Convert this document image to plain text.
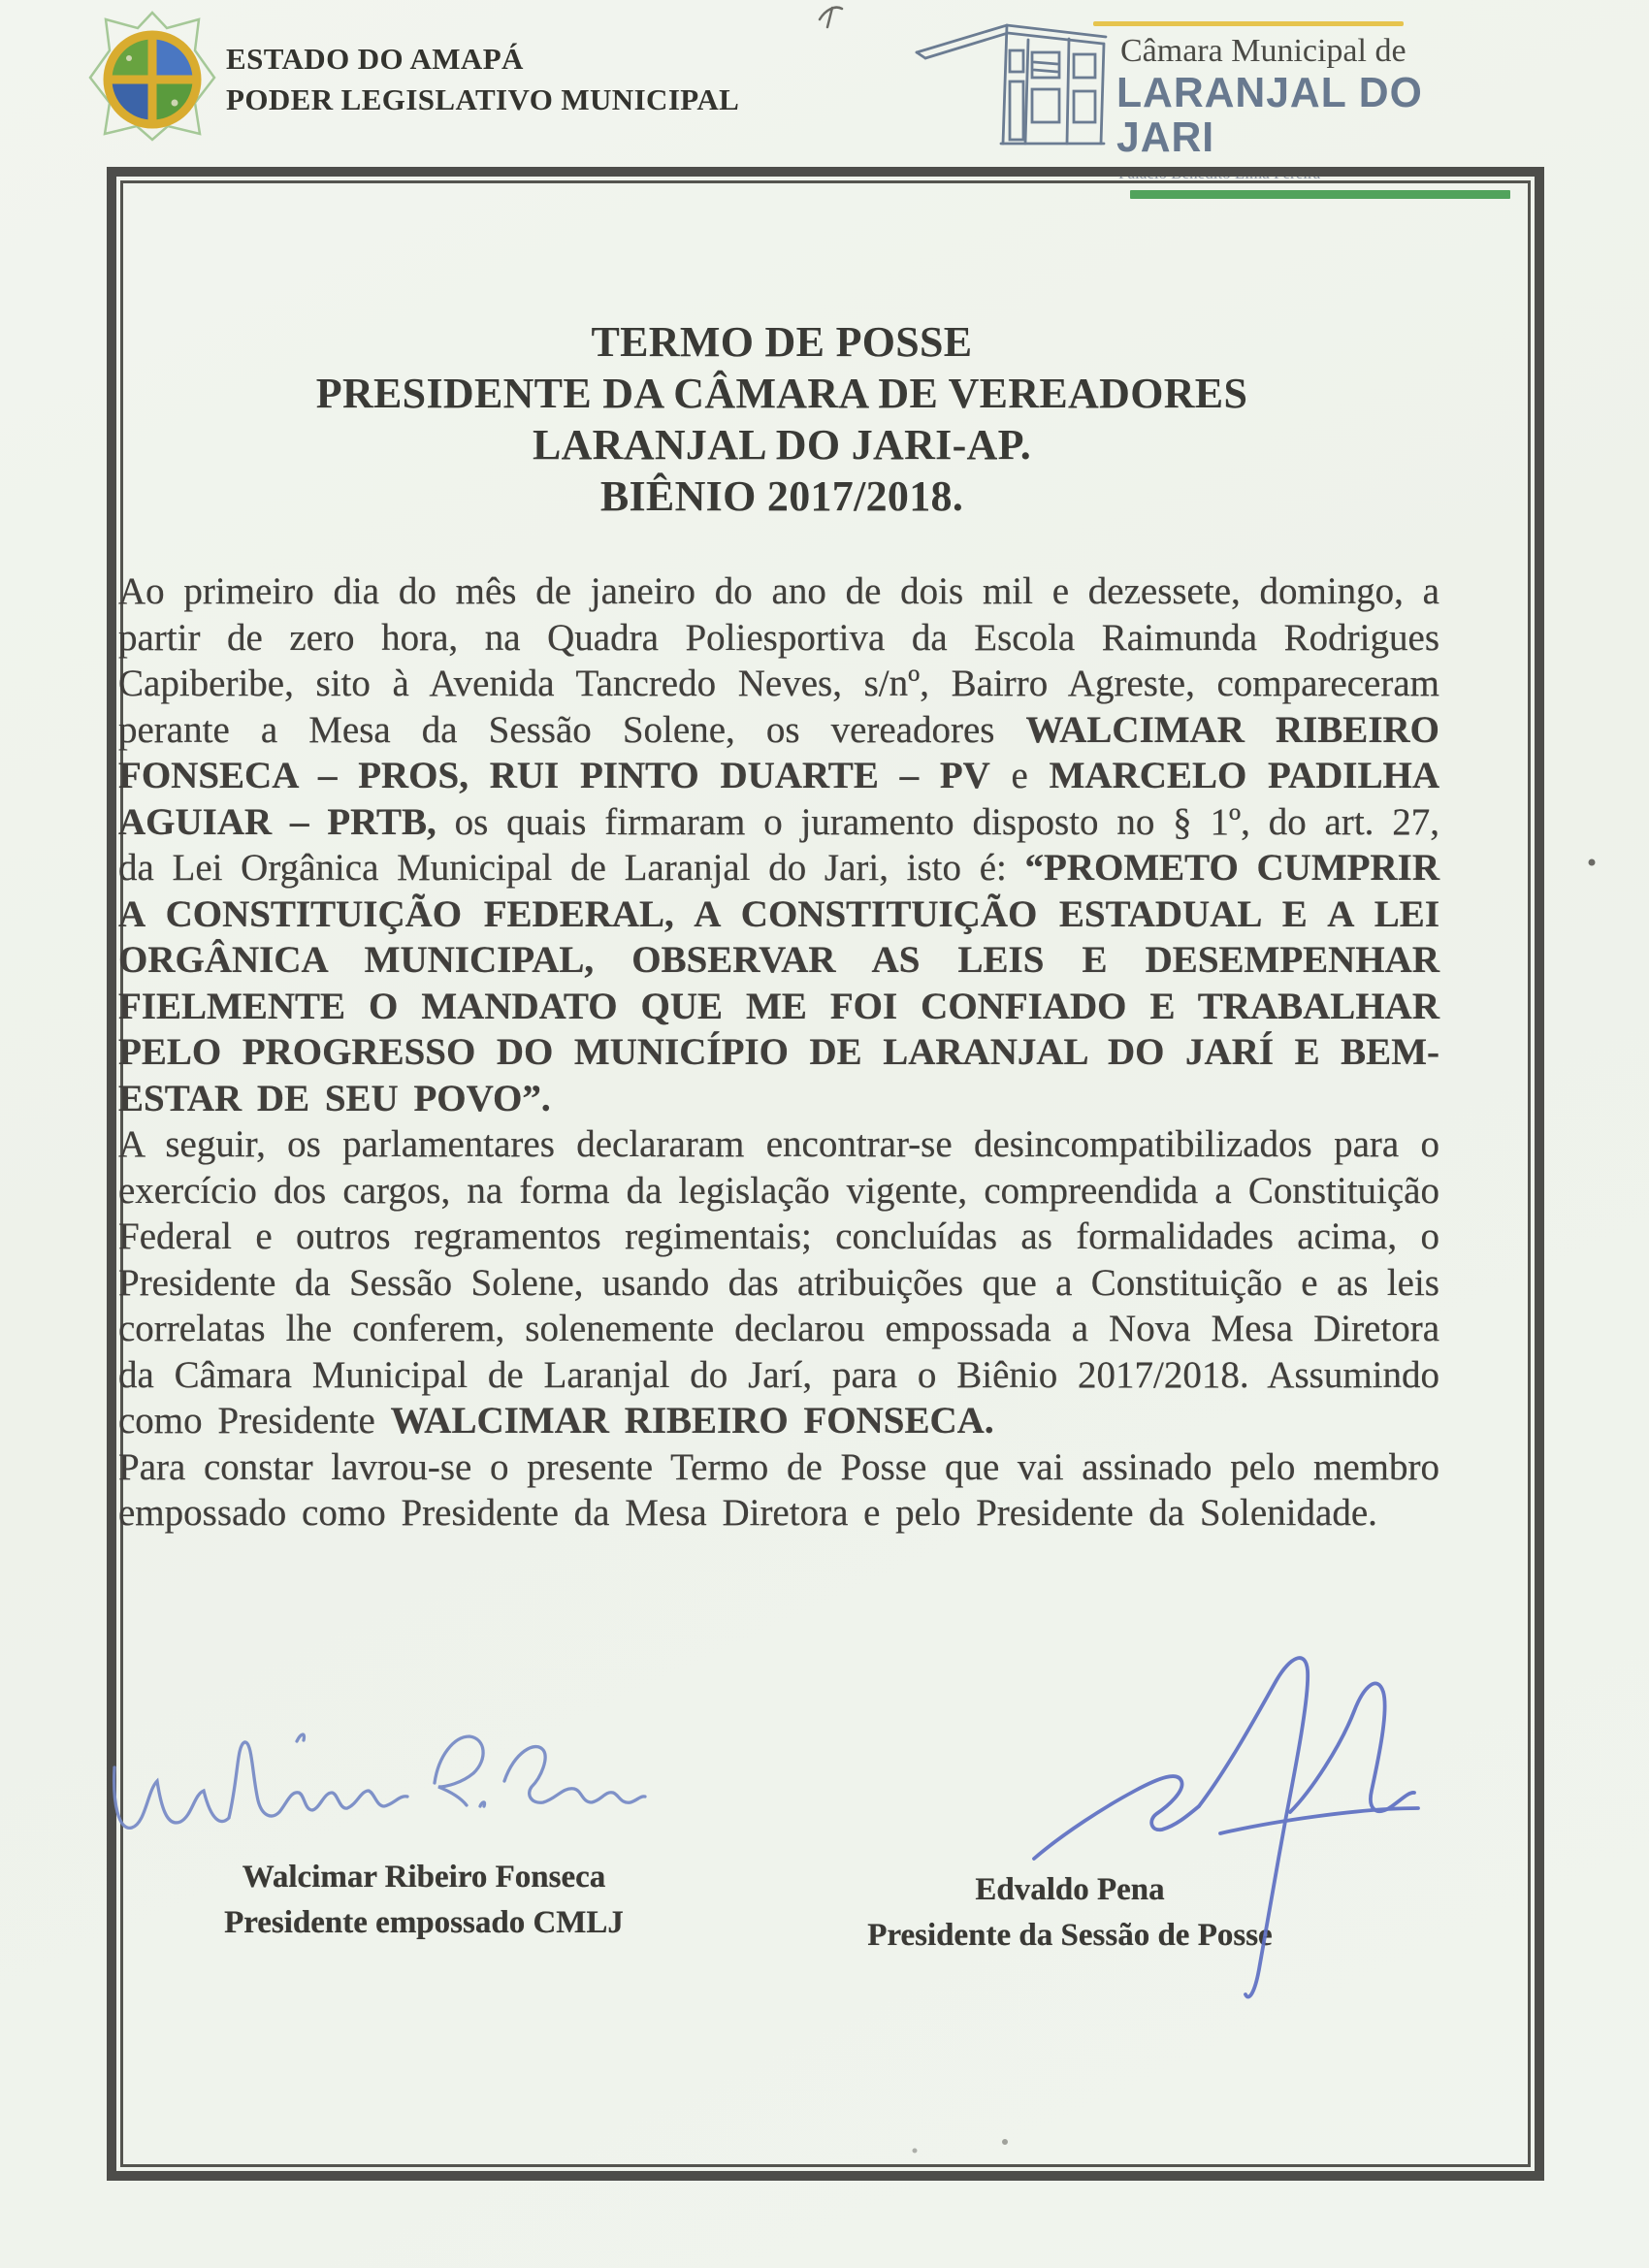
ESTADO DO AMAPÁ
PODER LEGISLATIVO MUNICIPAL
Câmara Municipal de
LARANJAL DO JARI
Palácio Benedito Lima Pereira
TERMO DE POSSE
PRESIDENTE DA CÂMARA DE VEREADORES
LARANJAL DO JARI-AP.
BIÊNIO 2017/2018.

Ao primeiro dia do mês de janeiro do ano de dois mil e dezessete, domingo, a partir de zero hora, na Quadra Poliesportiva da Escola Raimunda Rodrigues Capiberibe, sito à Avenida Tancredo Neves, s/nº, Bairro Agreste, compareceram perante a Mesa da Sessão Solene, os vereadores WALCIMAR RIBEIRO FONSECA – PROS, RUI PINTO DUARTE – PV e MARCELO PADILHA AGUIAR – PRTB, os quais firmaram o juramento disposto no § 1º, do art. 27, da Lei Orgânica Municipal de Laranjal do Jari, isto é: “PROMETO CUMPRIR A CONSTITUIÇÃO FEDERAL, A CONSTITUIÇÃO ESTADUAL E A LEI ORGÂNICA MUNICIPAL, OBSERVAR AS LEIS E DESEMPENHAR FIELMENTE O MANDATO QUE ME FOI CONFIADO E TRABALHAR PELO PROGRESSO DO MUNICÍPIO DE LARANJAL DO JARÍ E BEM-ESTAR DE SEU POVO”.

A seguir, os parlamentares declararam encontrar-se desincompatibilizados para o exercício dos cargos, na forma da legislação vigente, compreendida a Constituição Federal e outros regramentos regimentais; concluídas as formalidades acima, o Presidente da Sessão Solene, usando das atribuições que a Constituição e as leis correlatas lhe conferem, solenemente declarou empossada a Nova Mesa Diretora da Câmara Municipal de Laranjal do Jarí, para o Biênio 2017/2018. Assumindo como Presidente WALCIMAR RIBEIRO FONSECA.

Para constar lavrou-se o presente Termo de Posse que vai assinado pelo membro empossado como Presidente da Mesa Diretora e pelo Presidente da Solenidade.

Walcimar Ribeiro Fonseca
Presidente empossado CMLJ
Edvaldo Pena
Presidente da Sessão de Posse
